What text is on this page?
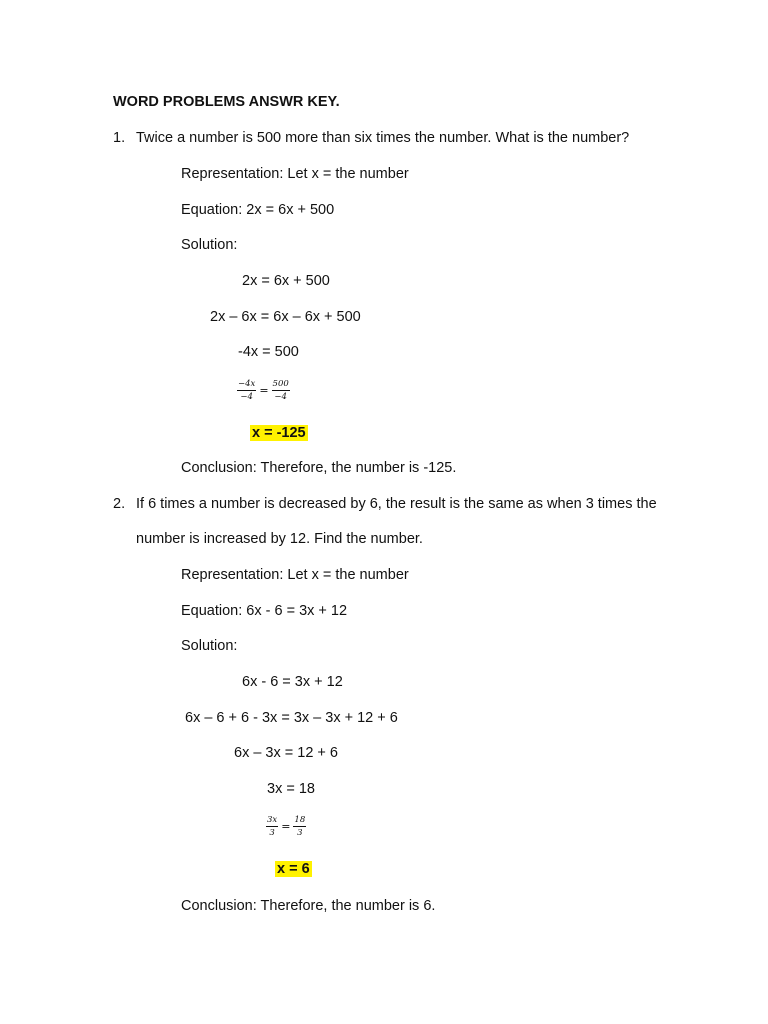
WORD PROBLEMS ANSWR KEY.
1. Twice a number is 500 more than six times the number. What is the number?
Representation: Let x = the number
Equation: 2x = 6x + 500
Solution:
2x = 6x + 500
2x – 6x = 6x – 6x + 500
-4x = 500
−4𝑥
$-4 = \frac{500}{-4}$
x = -125
Conclusion: Therefore, the number is -125.
2. If 6 times a number is decreased by 6, the result is the same as when 3 times the
number is increased by 12. Find the number.
Representation: Let x = the number
Equation: 6x - 6 = 3x + 12
Solution:
6x - 6 = 3x + 12
6x – 6 + 6 - 3x = 3x – 3x + 12 + 6
6x – 3x = 12 + 6
3x = 18
3𝑥
$3 = \frac{18}{3}$
x = 6
Conclusion: Therefore, the number is 6.
